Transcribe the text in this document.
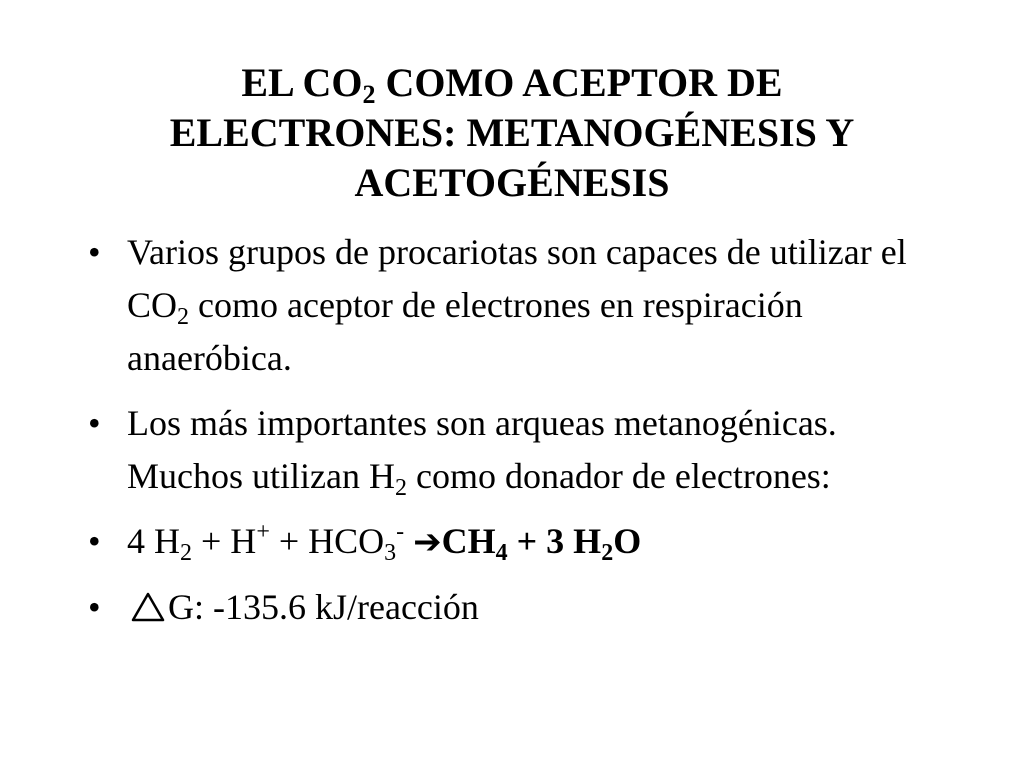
EL $CO_2$ COMO ACEPTOR DE
ELECTRONES: METANOGÉNESIS Y
ACETOGÉNESIS
• Varios grupos de procariotas son capaces de utilizar el $CO_2$ como aceptor de electrones en respiración anaeróbica.
• Los más importantes son arqueas metanogénicas. Muchos utilizan $H_2$ como donador de electrones:
• 4 $H_2 + H^+ + HCO_3^-$ $➔CH_4 + 3$ $H_2O$
• G: -135.6 kJ/reacción
